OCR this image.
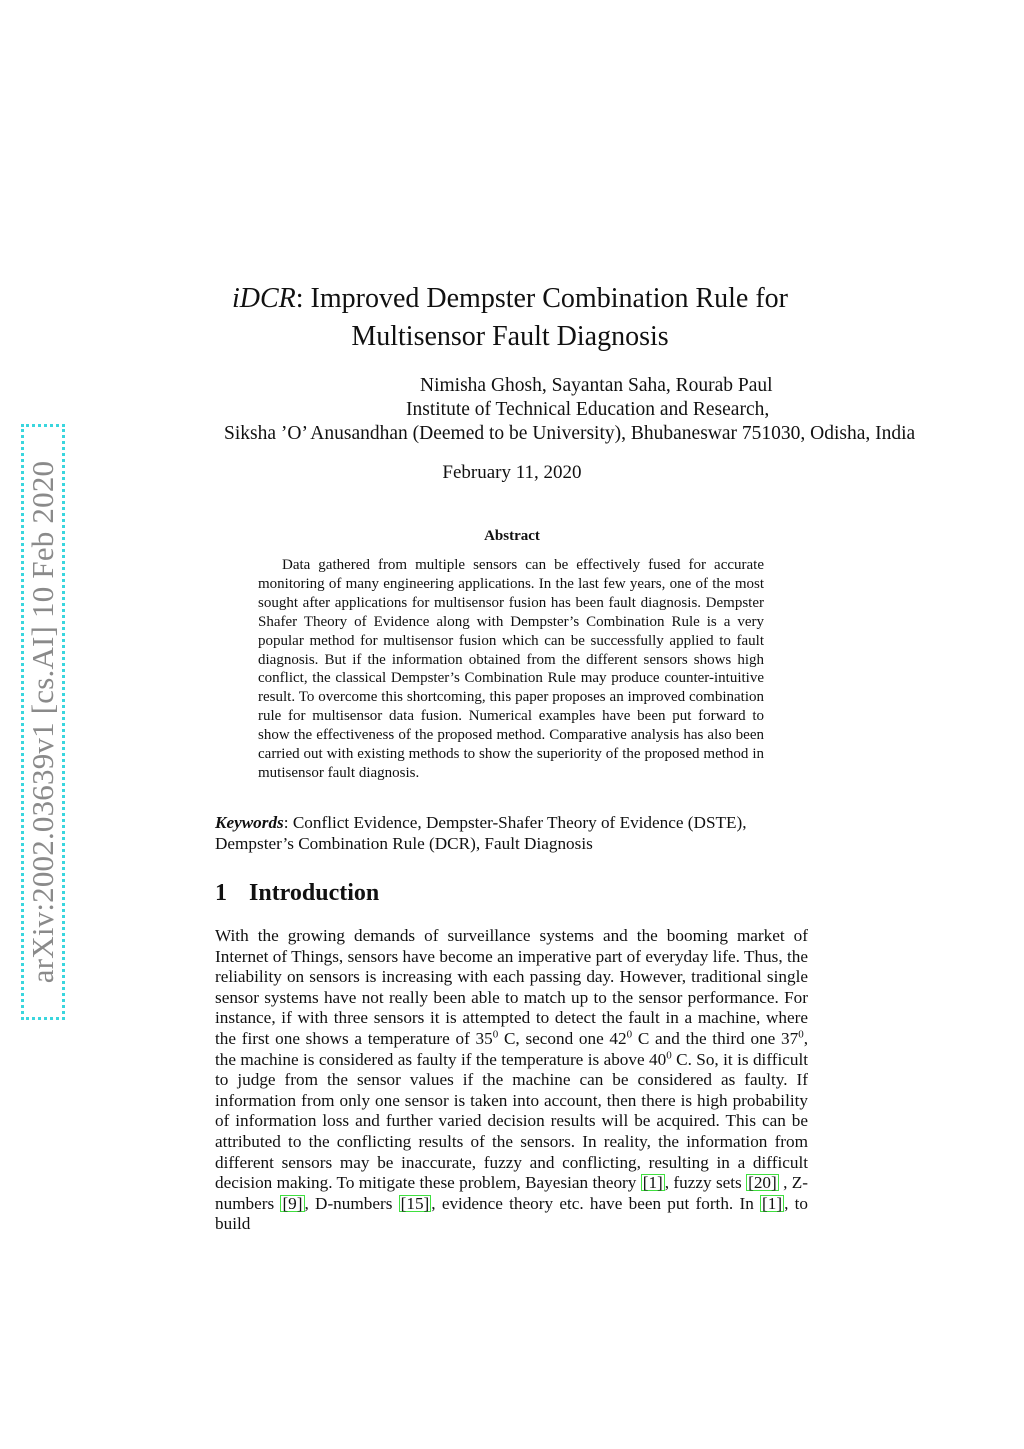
arXiv:2002.03639v1 [cs.AI] 10 Feb 2020
iDCR: Improved Dempster Combination Rule for
Multisensor Fault Diagnosis
Nimisha Ghosh, Sayantan Saha, Rourab Paul
Institute of Technical Education and Research,
Siksha ’O’ Anusandhan (Deemed to be University), Bhubaneswar 751030, Odisha, India
February 11, 2020
Abstract
Data gathered from multiple sensors can be effectively fused for accurate monitoring of many engineering applications. In the last few years, one of the most sought after applications for multisensor fusion has been fault diagnosis. Dempster Shafer Theory of Evidence along with Dempster’s Combination Rule is a very popular method for multisensor fusion which can be successfully applied to fault diagnosis. But if the information obtained from the different sensors shows high conflict, the classical Dempster’s Combination Rule may produce counter-intuitive result. To overcome this shortcoming, this paper proposes an improved combination rule for multisensor data fusion. Numerical examples have been put forward to show the effectiveness of the proposed method. Comparative analysis has also been carried out with existing methods to show the superiority of the proposed method in mutisensor fault diagnosis.
Keywords: Conflict Evidence, Dempster-Shafer Theory of Evidence (DSTE), Dempster’s Combination Rule (DCR), Fault Diagnosis
1 Introduction
With the growing demands of surveillance systems and the booming market of Internet of Things, sensors have become an imperative part of everyday life. Thus, the reliability on sensors is increasing with each passing day. However, traditional single sensor systems have not really been able to match up to the sensor performance. For instance, if with three sensors it is attempted to detect the fault in a machine, where the first one shows a temperature of $35^0$ C, second one $42^0$ C and the third one $37^0$, the machine is considered as faulty if the temperature is above $40^0$ C. So, it is difficult to judge from the sensor values if the machine can be considered as faulty. If information from only one sensor is taken into account, then there is high probability of information loss and further varied decision results will be acquired. This can be attributed to the conflicting results of the sensors. In reality, the information from different sensors may be inaccurate, fuzzy and conflicting, resulting in a difficult decision making. To mitigate these problem, Bayesian theory [1] , fuzzy sets [20] , Z-numbers [9] , D-numbers [15] , evidence theory etc. have been put forth. In [1] , to build
